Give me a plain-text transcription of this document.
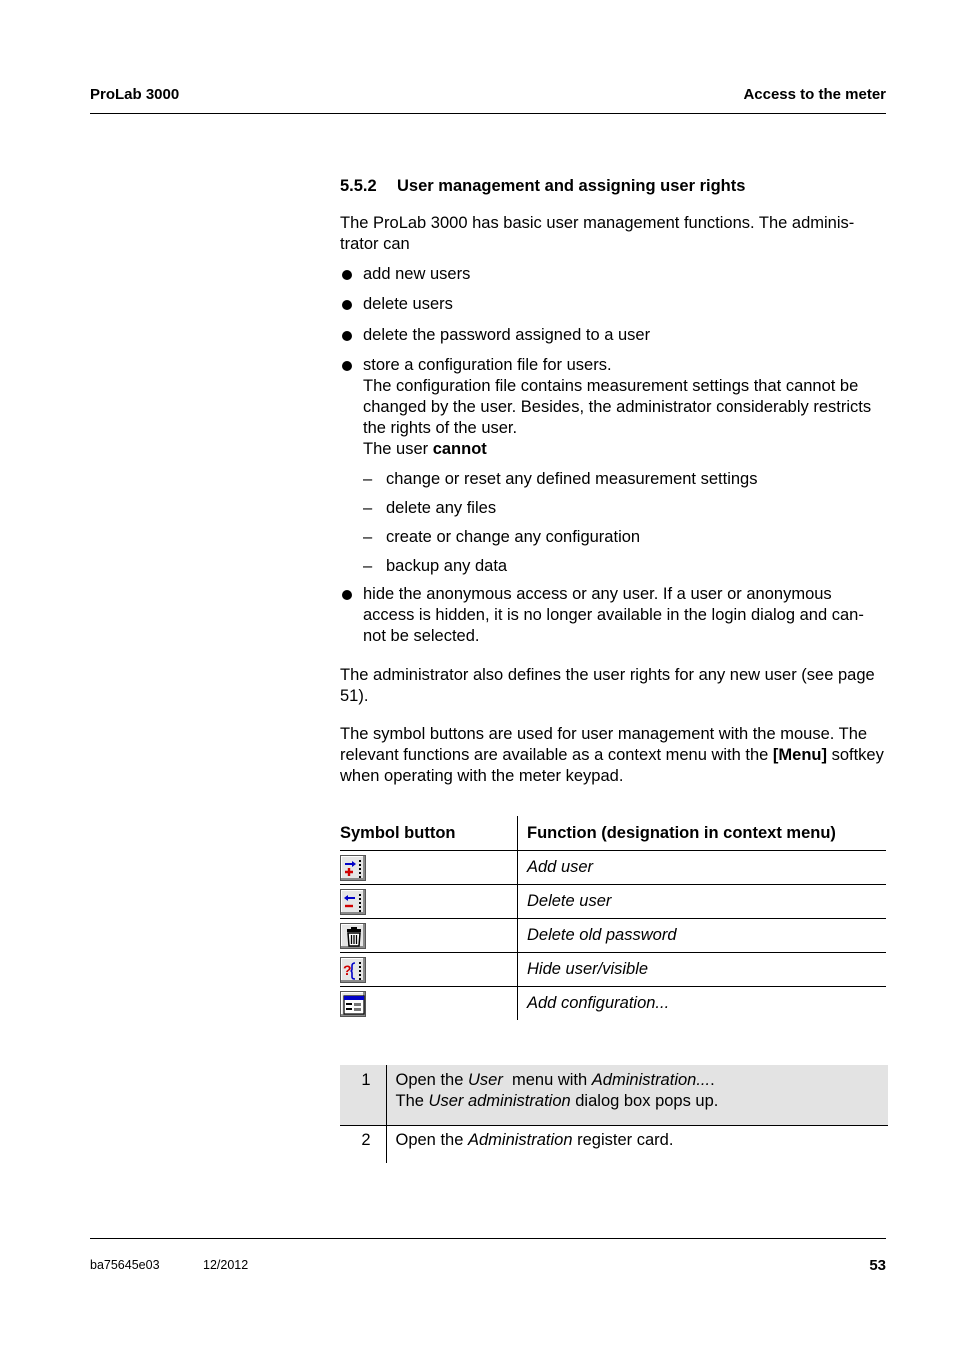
ProLab 3000	Access to the meter
5.5.2 User management and assigning user rights

The ProLab 3000 has basic user management functions. The adminis-trator can

add new users
delete users
delete the password assigned to a user
store a configuration file for users.
The configuration file contains measurement settings that cannot be changed by the user. Besides, the administrator considerably restricts the rights of the user.
The user cannot
– change or reset any defined measurement settings
– delete any files
– create or change any configuration
– backup any data
hide the anonymous access or any user. If a user or anonymous access is hidden, it is no longer available in the login dialog and can-not be selected.

The administrator also defines the user rights for any new user (see page 51).

The symbol buttons are used for user management with the mouse. The relevant functions are available as a context menu with the [Menu] softkey when operating with the meter keypad.

Symbol button	Function (designation in context menu)

	Add user

	Delete user

	Delete old password

?	Hide user/visible

	Add configuration...
1	Open the User  menu with Administration....
The User administration dialog box pops up.

2	Open the Administration register card.
ba75645e03	12/2012	53
